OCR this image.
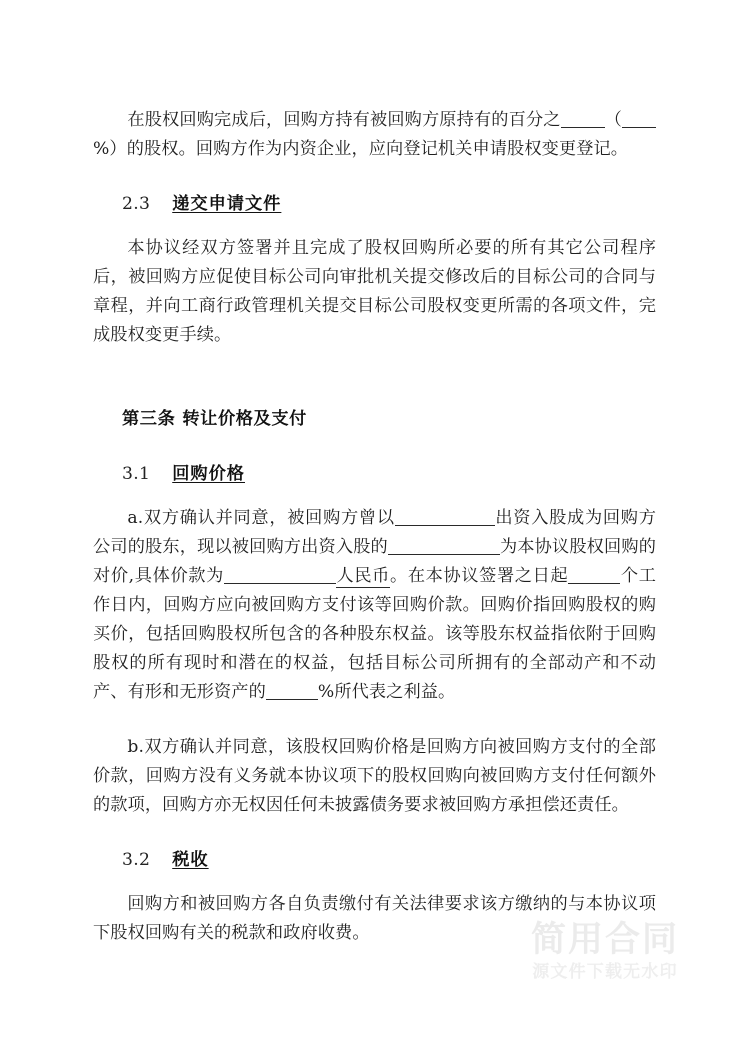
在股权回购完成后，回购方持有被回购方原持有的百分之	（%）的股权。回购方作为内资企业，应向登记机关申请股权变更登记。

2.3 递交申请文件

本协议经双方签署并且完成了股权回购所必要的所有其它公司程序后，被回购方应促使目标公司向审批机关提交修改后的目标公司的合同与章程，并向工商行政管理机关提交目标公司股权变更所需的各项文件，完成股权变更手续。

第三条 转让价格及支付
3.1 回购价格

a.双方确认并同意，被回购方曾以	出资入股成为回购方公司的股东，现以被回购方出资入股的	为本协议股权回购的对价,具体价款为	人民币。在本协议签署之日起	个工作日内，回购方应向被回购方支付该等回购价款。回购价指回购股权的购买价，包括回购股权所包含的各种股东权益。该等股东权益指依附于回购股权的所有现时和潜在的权益，包括目标公司所拥有的全部动产和不动产、有形和无形资产的	%所代表之利益。

b.双方确认并同意，该股权回购价格是回购方向被回购方支付的全部价款，回购方没有义务就本协议项下的股权回购向被回购方支付任何额外的款项，回购方亦无权因任何未披露债务要求被回购方承担偿还责任。

3.2 税收

回购方和被回购方各自负责缴付有关法律要求该方缴纳的与本协议项下股权回购有关的税款和政府收费。	简用合同
源文件下载无水印
